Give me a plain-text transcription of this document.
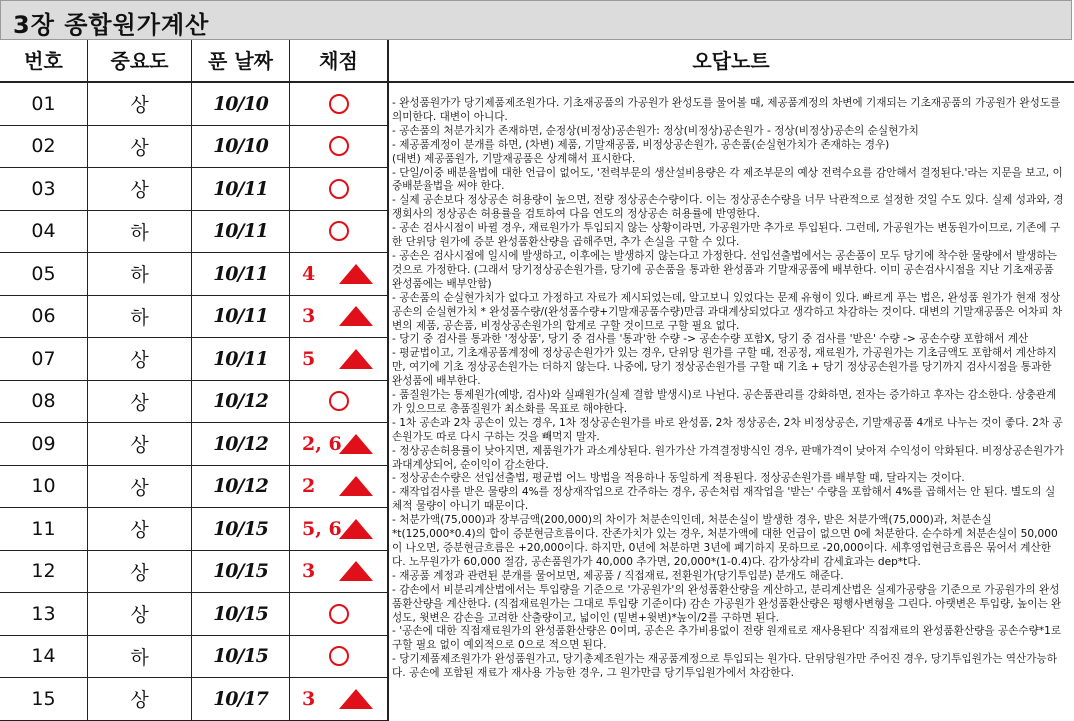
3장 종합원가계산
번호	중요도	푼 날짜	채점	오답노트
01	상	10/10
02	상	10/10
03	상	10/11
04	하	10/11
05	하	10/11	4
06	하	10/11	3
07	상	10/11	5
08	상	10/12
09	상	10/12	2, 6
10	상	10/12	2
11	상	10/15	5, 6
12	상	10/15	3
13	상	10/15
14	하	10/15
15	상	10/17	3
- 완성품원가가 당기제품제조원가다. 기초재공품의 가공원가 완성도를 물어볼 때, 제공품계정의 차변에 기재되는 기초재공품의 가공원가 완성도를 의미한다. 대변이 아니다.
- 공손품의 처분가치가 존재하면, 순정상(비정상)공손원가: 정상(비정상)공손원가 - 정상(비정상)공손의 순실현가치
- 제공품계정이 분개를 하면, (차변) 제품, 기말재공품, 비정상공손원가, 공손품(순실현가치가 존재하는 경우)
(대변) 제공품원가, 기말재공품은 상계해서 표시한다.
- 단일/이중 배분율법에 대한 언급이 없어도, '전력부문의 생산설비용량은 각 제조부문의 예상 전력수요를 감안해서 결정된다.'라는 지문을 보고, 이중배분율법을 써야 한다.
- 실제 공손보다 정상공손 허용량이 높으면, 전량 정상공손수량이다. 이는 정상공손수량을 너무 낙관적으로 설정한 것일 수도 있다. 실제 성과와, 경쟁회사의 정상공손 허용률을 검토하여 다음 연도의 정상공손 허용률에 반영한다.
- 공손 검사시점이 바뀔 경우, 재료원가가 투입되지 않는 상황이라면, 가공원가만 추가로 투입된다. 그런데, 가공원가는 변동원가이므로, 기존에 구한 단위당 원가에 증분 완성품환산량을 곱해주면, 추가 손실을 구할 수 있다.
- 공손은 검사시점에 일시에 발생하고, 이후에는 발생하지 않는다고 가정한다. 선입선출법에서는 공손품이 모두 당기에 착수한 물량에서 발생하는 것으로 가정한다. (그래서 당기정상공손원가를, 당기에 공손품을 통과한 완성품과 기말재공품에 배부한다. 이미 공손검사시점을 지난 기초재공품 완성품에는 배부안함)
- 공손품의 순실현가치가 없다고 가정하고 자료가 제시되었는데, 알고보니 있었다는 문제 유형이 있다. 빠르게 푸는 법은, 완성품 원가가 현재 정상공손의 순실현가치 * 완성품수량/(완성품수량+기말재공품수량)만큼 과대계상되었다고 생각하고 차감하는 것이다. 대변의 기말재공품은 어차피 차변의 제품, 공손품, 비정상공손원가의 합계로 구할 것이므로 구할 필요 없다.
- 당기 중 검사를 통과한 '정상품', 당기 중 검사를 '통과'한 수량 -> 공손수량 포함X, 당기 중 검사를 '받은' 수량 -> 공손수량 포함해서 계산
- 평균법이고, 기초재공품계정에 정상공손원가가 있는 경우, 단위당 원가를 구할 때, 전공정, 재료원가, 가공원가는 기초금액도 포함해서 계산하지만, 여기에 기초 정상공손원가는 더하지 않는다. 나중에, 당기 정상공손원가를 구할 때 기초 + 당기 정상공손원가를 당기까지 검사시점을 통과한 완성품에 배부한다.
- 품질원가는 통제원가(예방, 검사)와 실패원가(실제 결함 발생시)로 나뉜다. 공손품관리를 강화하면, 전자는 증가하고 후자는 감소한다. 상충관계가 있으므로 총품질원가 최소화를 목표로 해야한다.
- 1차 공손과 2차 공손이 있는 경우, 1차 정상공손원가를 바로 완성품, 2차 정상공손, 2차 비정상공손, 기말재공품 4개로 나누는 것이 좋다. 2차 공손원가도 따로 다시 구하는 것을 빼먹지 말자.
- 정상공손허용률이 낮아지면, 제품원가가 과소계상된다. 원가가산 가격결정방식인 경우, 판매가격이 낮아져 수익성이 악화된다. 비정상공손원가가 과대계상되어, 순이익이 감소한다.
- 정상공손수량은 선입선출법, 평균법 어느 방법을 적용하나 동일하게 적용된다. 정상공손원가를 배부할 때, 달라지는 것이다.
- 재작업검사를 받은 물량의 4%를 정상재작업으로 간주하는 경우, 공손처럼 재작업을 '받는' 수량을 포함해서 4%를 곱해서는 안 된다. 별도의 실체적 물량이 아니기 때문이다.
- 처분가액(75,000)과 장부금액(200,000)의 차이가 처분손익인데, 처분손실이 발생한 경우, 받은 처분가액(75,000)과, 처분손실
*t(125,000*0.4)의 합이 증분현금흐름이다. 잔존가치가 있는 경우, 처분가액에 대한 언급이 없으면 0에 처분한다. 순수하게 처분손실이 50,000이 나오면, 증분현금흐름은 +20,000이다. 하지만, 0년에 처분하면 3년에 폐기하지 못하므로 -20,000이다. 세후영업현금흐름은 묶어서 계산한다. 노무원가가 60,000 절감, 공손품원가가 40,000 추가면, 20,000*(1-0.4)다. 감가상각비 감세효과는 dep*t다.
- 재공품 계정과 관련된 분개를 물어보면, 제공품 / 직접재료, 전환원가(당기투입분) 분개도 해준다.
- 감손에서 비분리계산법에서는 투입량을 기준으로 '가공원가'의 완성품환산량을 계산하고, 분리계산법은 실제가공량을 기준으로 가공원가의 완성품환산량을 계산한다. (직접재료원가는 그대로 투입량 기준이다) 감손 가공원가 완성품환산량은 평행사변형을 그린다. 아랫변은 투입량, 높이는 완성도, 윗변은 감손을 고려한 산출량이고, 넓이인 (밑변+윗변)*높이/2를 구하면 된다.
- '공손에 대한 직접재료원가의 완성품환산량은 0이며, 공손은 추가비용없이 전량 원재료로 재사용된다' 직접재료의 완성품환산량을 공손수량*1로 구할 필요 없이 예외적으로 0으로 적으면 된다.
- 당기제품제조원가가 완성품원가고, 당기총제조원가는 재공품계정으로 투입되는 원가다. 단위당원가만 주어진 경우, 당기투입원가는 역산가능하다. 공손에 포함된 재료가 재사용 가능한 경우, 그 원가만큼 당기투입원가에서 차감한다.
